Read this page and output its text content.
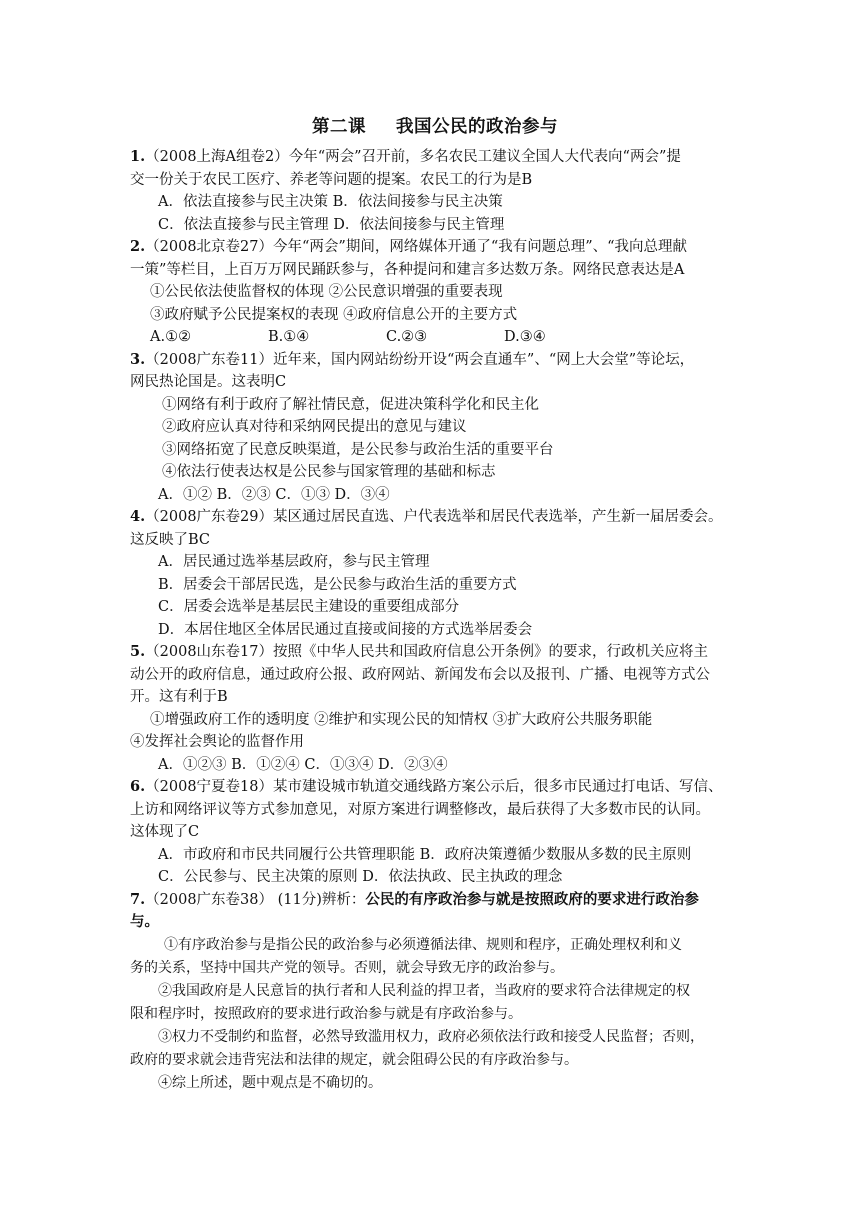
第二课 我国公民的政治参与
1.（2008上海A组卷2）今年“两会”召开前，多名农民工建议全国人大代表向“两会”提
交一份关于农民工医疗、养老等问题的提案。农民工的行为是B
A．依法直接参与民主决策 B．依法间接参与民主决策
C．依法直接参与民主管理 D．依法间接参与民主管理
2.（2008北京卷27）今年“两会”期间，网络媒体开通了“我有问题总理”、“我向总理献
一策”等栏目，上百万万网民踊跃参与，各种提问和建言多达数万条。网络民意表达是A
①公民依法使监督权的体现 ②公民意识增强的重要表现
③政府赋予公民提案权的表现 ④政府信息公开的主要方式
A.①②	B.①④	C.②③	D.③④
3.（2008广东卷11）近年来，国内网站纷纷开设“两会直通车”、“网上大会堂”等论坛，
网民热论国是。这表明C
①网络有利于政府了解社情民意，促进决策科学化和民主化
②政府应认真对待和采纳网民提出的意见与建议
③网络拓宽了民意反映渠道，是公民参与政治生活的重要平台
④依法行使表达权是公民参与国家管理的基础和标志
A．①② B．②③ C．①③ D．③④
4.（2008广东卷29）某区通过居民直选、户代表选举和居民代表选举，产生新一届居委会。
这反映了BC
A．居民通过选举基层政府，参与民主管理
B．居委会干部居民选，是公民参与政治生活的重要方式
C．居委会选举是基层民主建设的重要组成部分
D．本居住地区全体居民通过直接或间接的方式选举居委会
5.（2008山东卷17）按照《中华人民共和国政府信息公开条例》的要求，行政机关应将主
动公开的政府信息，通过政府公报、政府网站、新闻发布会以及报刊、广播、电视等方式公
开。这有利于B
①增强政府工作的透明度 ②维护和实现公民的知情权 ③扩大政府公共服务职能
④发挥社会舆论的监督作用
A．①②③ B．①②④ C．①③④ D．②③④
6.（2008宁夏卷18）某市建设城市轨道交通线路方案公示后，很多市民通过打电话、写信、
上访和网络评议等方式参加意见，对原方案进行调整修改，最后获得了大多数市民的认同。
这体现了C
A．市政府和市民共同履行公共管理职能 B．政府决策遵循少数服从多数的民主原则
C．公民参与、民主决策的原则 D．依法执政、民主执政的理念
7.（2008广东卷38） (11分)辨析：公民的有序政治参与就是按照政府的要求进行政治参
与。
①有序政治参与是指公民的政治参与必须遵循法律、规则和程序，正确处理权利和义
务的关系，坚持中国共产党的领导。否则，就会导致无序的政治参与。
②我国政府是人民意旨的执行者和人民利益的捍卫者，当政府的要求符合法律规定的权
限和程序时，按照政府的要求进行政治参与就是有序政治参与。
③权力不受制约和监督，必然导致滥用权力，政府必须依法行政和接受人民监督；否则，
政府的要求就会违背宪法和法律的规定，就会阻碍公民的有序政治参与。
④综上所述，题中观点是不确切的。
